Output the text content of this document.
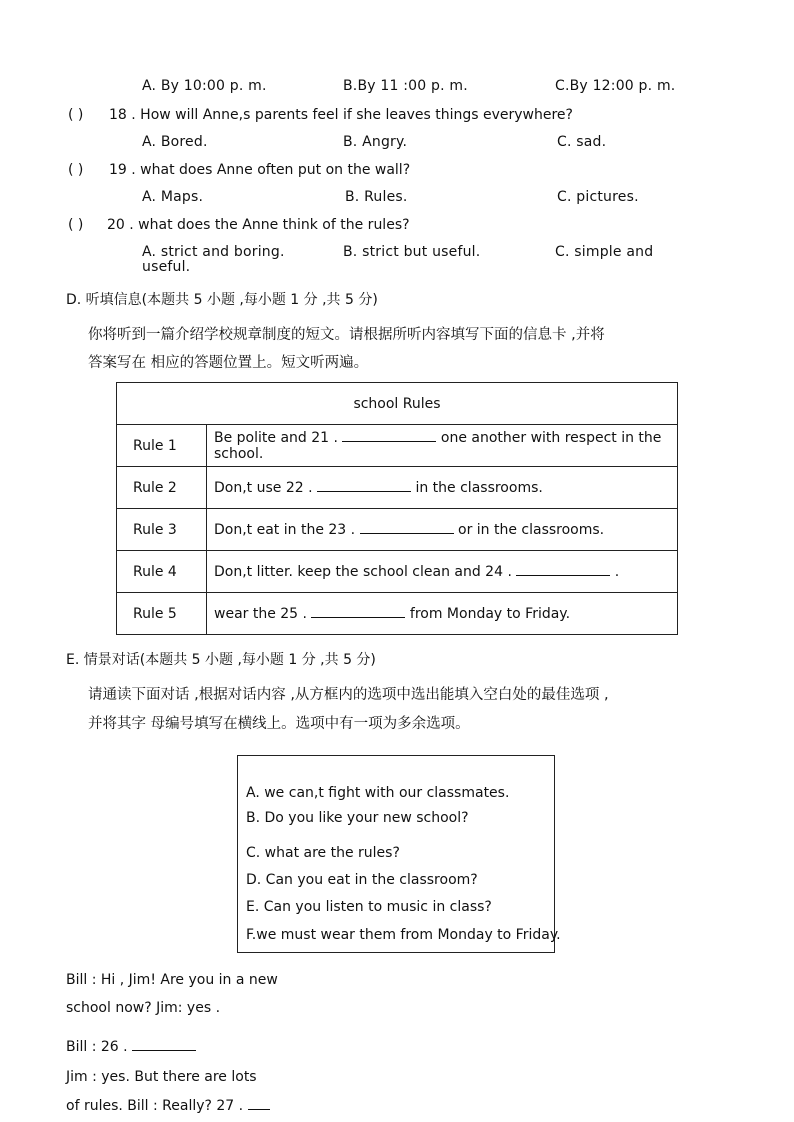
A. By 10:00 p. m.	B.By 11 :00 p. m.	C.By 12:00 p. m.
( ) 18 . How will Anne,s parents feel if she leaves things everywhere?
A. Bored.	B. Angry.	C. sad.
( ) 19 . what does Anne often put on the wall?
A. Maps.	B. Rules.	C. pictures.
( ) 20 . what does the Anne think of the rules?
A. strict and boring.	B. strict but useful.	C. simple and
useful.
D. 听填信息(本题共 5 小题 ,每小题 1 分 ,共 5 分)
你将听到一篇介绍学校规章制度的短文。请根据所听内容填写下面的信息卡 ,并将
答案写在 相应的答题位置上。短文听两遍。
school Rules	
Rule 1	Be polite and 21 . one another with respect in the school.
Rule 2	Don,t use 22 . in the classrooms.
Rule 3	Don,t eat in the 23 . or in the classrooms.
Rule 4	Don,t litter. keep the school clean and 24 . .
Rule 5	wear the 25 . from Monday to Friday.
E. 情景对话(本题共 5 小题 ,每小题 1 分 ,共 5 分)
请通读下面对话 ,根据对话内容 ,从方框内的选项中选出能填入空白处的最佳选项 ,
并将其字 母编号填写在横线上。选项中有一项为多余选项。
A. we can,t fight with our classmates.
B. Do you like your new school?
C. what are the rules?
D. Can you eat in the classroom?
E. Can you listen to music in class?
F.we must wear them from Monday to Friday.
Bill : Hi , Jim! Are you in a new
school now? Jim: yes .
Bill : 26 .
Jim : yes. But there are lots
of rules. Bill : Really? 27 .
